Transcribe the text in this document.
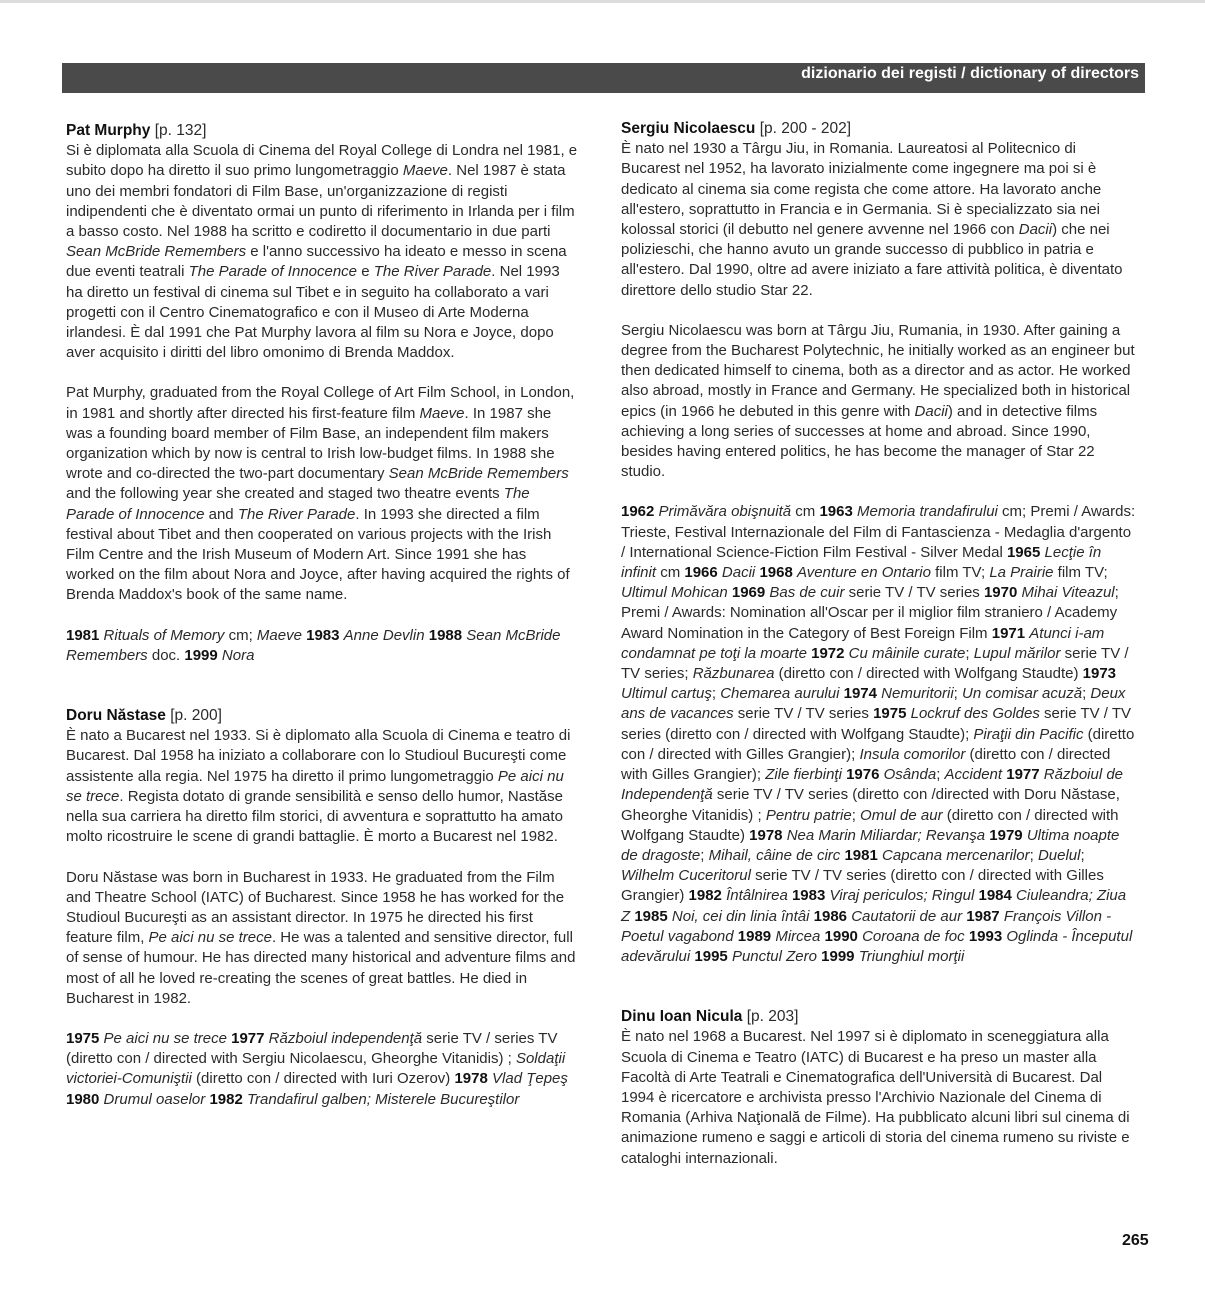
dizionario dei registi / dictionary of directors

Pat Murphy [p. 132]

Si è diplomata alla Scuola di Cinema del Royal College di Londra nel 1981, e subito dopo ha diretto il suo primo lungometraggio Maeve. Nel 1987 è stata uno dei membri fondatori di Film Base, un'organizzazione di registi indipendenti che è diventato ormai un punto di riferimento in Irlanda per i film a basso costo. Nel 1988 ha scritto e codiretto il documentario in due parti Sean McBride Remembers e l'anno successivo ha ideato e messo in scena due eventi teatrali The Parade of Innocence e The River Parade. Nel 1993 ha diretto un festival di cinema sul Tibet e in seguito ha collaborato a vari progetti con il Centro Cinematografico e con il Museo di Arte Moderna irlandesi. È dal 1991 che Pat Murphy lavora al film su Nora e Joyce, dopo aver acquisito i diritti del libro omonimo di Brenda Maddox.

Pat Murphy, graduated from the Royal College of Art Film School, in London, in 1981 and shortly after directed his first-feature film Maeve. In 1987 she was a founding board member of Film Base, an independent film makers organization which by now is central to Irish low-budget films. In 1988 she wrote and co-directed the two-part documentary Sean McBride Remembers and the following year she created and staged two theatre events The Parade of Innocence and The River Parade. In 1993 she directed a film festival about Tibet and then cooperated on various projects with the Irish Film Centre and the Irish Museum of Modern Art. Since 1991 she has worked on the film about Nora and Joyce, after having acquired the rights of Brenda Maddox's book of the same name.

1981 Rituals of Memory cm; Maeve 1983 Anne Devlin 1988 Sean McBride Remembers doc. 1999 Nora

Doru Năstase [p. 200]

È nato a Bucarest nel 1933. Si è diplomato alla Scuola di Cinema e teatro di Bucarest. Dal 1958 ha iniziato a collaborare con lo Studioul Bucureşti come assistente alla regia. Nel 1975 ha diretto il primo lungometraggio Pe aici nu se trece. Regista dotato di grande sensibilità e senso dello humor, Nastăse nella sua carriera ha diretto film storici, di avventura e soprattutto ha amato molto ricostruire le scene di grandi battaglie. È morto a Bucarest nel 1982.

Doru Năstase was born in Bucharest in 1933. He graduated from the Film and Theatre School (IATC) of Bucharest. Since 1958 he has worked for the Studioul Bucureşti as an assistant director. In 1975 he directed his first feature film, Pe aici nu se trece. He was a talented and sensitive director, full of sense of humour. He has directed many historical and adventure films and most of all he loved re-creating the scenes of great battles. He died in Bucharest in 1982.

1975 Pe aici nu se trece 1977 Războiul independenţă serie TV / series TV (diretto con / directed with Sergiu Nicolaescu, Gheorghe Vitanidis) ; Soldaţii victoriei-Comuniştii (diretto con / directed with Iuri Ozerov) 1978 Vlad Ţepeş 1980 Drumul oaselor 1982 Trandafirul galben; Misterele Bucureştilor

Sergiu Nicolaescu [p. 200 - 202]

È nato nel 1930 a Târgu Jiu, in Romania. Laureatosi al Politecnico di Bucarest nel 1952, ha lavorato inizialmente come ingegnere ma poi si è dedicato al cinema sia come regista che come attore. Ha lavorato anche all'estero, soprattutto in Francia e in Germania. Si è specializzato sia nei kolossal storici (il debutto nel genere avvenne nel 1966 con Dacii) che nei polizieschi, che hanno avuto un grande successo di pubblico in patria e all'estero. Dal 1990, oltre ad avere iniziato a fare attività politica, è diventato direttore dello studio Star 22.

Sergiu Nicolaescu was born at Târgu Jiu, Rumania, in 1930. After gaining a degree from the Bucharest Polytechnic, he initially worked as an engineer but then dedicated himself to cinema, both as a director and as actor. He worked also abroad, mostly in France and Germany. He specialized both in historical epics (in 1966 he debuted in this genre with Dacii) and in detective films achieving a long series of successes at home and abroad. Since 1990, besides having entered politics, he has become the manager of Star 22 studio.

1962 Primăvăra obişnuită cm 1963 Memoria trandafirului cm; Premi / Awards: Trieste, Festival Internazionale del Film di Fantascienza - Medaglia d'argento / International Science-Fiction Film Festival - Silver Medal 1965 Lecţie în infinit cm 1966 Dacii 1968 Aventure en Ontario film TV; La Prairie film TV; Ultimul Mohican 1969 Bas de cuir serie TV / TV series 1970 Mihai Viteazul; Premi / Awards: Nomination all'Oscar per il miglior film straniero / Academy Award Nomination in the Category of Best Foreign Film 1971 Atunci i-am condamnat pe toţi la moarte 1972 Cu mâinile curate; Lupul mărilor serie TV / TV series; Răzbunarea (diretto con / directed with Wolfgang Staudte) 1973 Ultimul cartuş; Chemarea aurului 1974 Nemuritorii; Un comisar acuză; Deux ans de vacances serie TV / TV series 1975 Lockruf des Goldes serie TV / TV series (diretto con / directed with Wolfgang Staudte); Piraţii din Pacific (diretto con / directed with Gilles Grangier); Insula comorilor (diretto con / directed with Gilles Grangier); Zile fierbinţi 1976 Osânda; Accident 1977 Războiul de Independenţă serie TV / TV series (diretto con /directed with Doru Năstase, Gheorghe Vitanidis) ; Pentru patrie; Omul de aur (diretto con / directed with Wolfgang Staudte) 1978 Nea Marin Miliardar; Revanşa 1979 Ultima noapte de dragoste; Mihail, câine de circ 1981 Capcana mercenarilor; Duelul; Wilhelm Cuceritorul serie TV / TV series (diretto con / directed with Gilles Grangier) 1982 Întâlnirea 1983 Viraj periculos; Ringul 1984 Ciuleandra; Ziua Z 1985 Noi, cei din linia întâi 1986 Cautatorii de aur 1987 François Villon - Poetul vagabond 1989 Mircea 1990 Coroana de foc 1993 Oglinda - Începutul adevărului 1995 Punctul Zero 1999 Triunghiul morţii

Dinu Ioan Nicula [p. 203]

È nato nel 1968 a Bucarest. Nel 1997 si è diplomato in sceneggiatura alla Scuola di Cinema e Teatro (IATC) di Bucarest e ha preso un master alla Facoltà di Arte Teatrali e Cinematografica dell'Università di Bucarest. Dal 1994 è ricercatore e archivista presso l'Archivio Nazionale del Cinema di Romania (Arhiva Naţională de Filme). Ha pubblicato alcuni libri sul cinema di animazione rumeno e saggi e articoli di storia del cinema rumeno su riviste e cataloghi internazionali.

265
